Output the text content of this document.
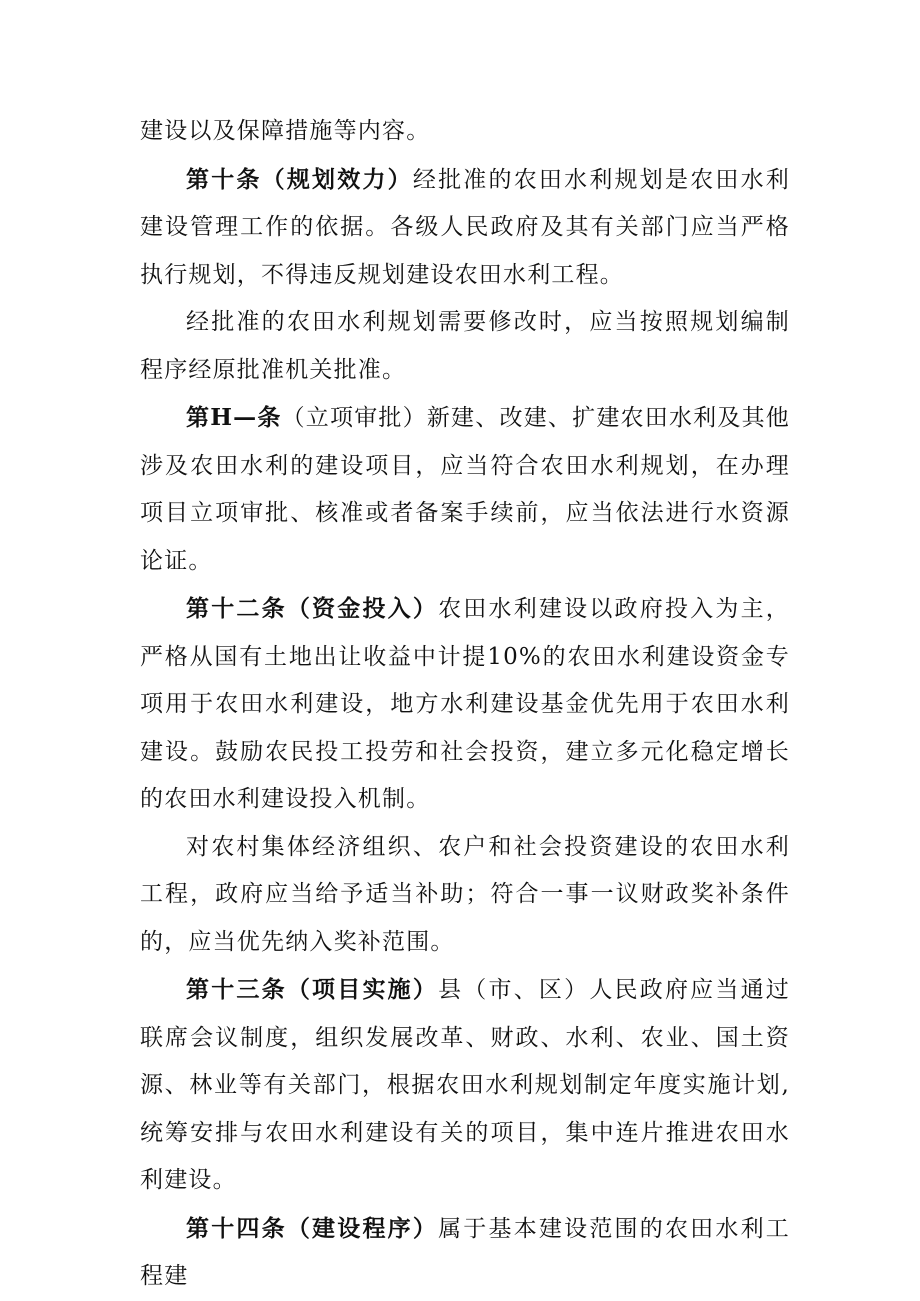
建设以及保障措施等内容。

第十条（规划效力）经批准的农田水利规划是农田水利建设管理工作的依据。各级人民政府及其有关部门应当严格执行规划，不得违反规划建设农田水利工程。

经批准的农田水利规划需要修改时，应当按照规划编制程序经原批准机关批准。

第H—条（立项审批）新建、改建、扩建农田水利及其他涉及农田水利的建设项目，应当符合农田水利规划，在办理项目立项审批、核准或者备案手续前，应当依法进行水资源论证。

第十二条（资金投入）农田水利建设以政府投入为主，严格从国有土地出让收益中计提10%的农田水利建设资金专项用于农田水利建设，地方水利建设基金优先用于农田水利建设。鼓励农民投工投劳和社会投资，建立多元化稳定增长的农田水利建设投入机制。

对农村集体经济组织、农户和社会投资建设的农田水利工程，政府应当给予适当补助；符合一事一议财政奖补条件的，应当优先纳入奖补范围。

第十三条（项目实施）县（市、区）人民政府应当通过联席会议制度，组织发展改革、财政、水利、农业、国土资源、林业等有关部门，根据农田水利规划制定年度实施计划,统筹安排与农田水利建设有关的项目，集中连片推进农田水利建设。

第十四条（建设程序）属于基本建设范围的农田水利工程建
